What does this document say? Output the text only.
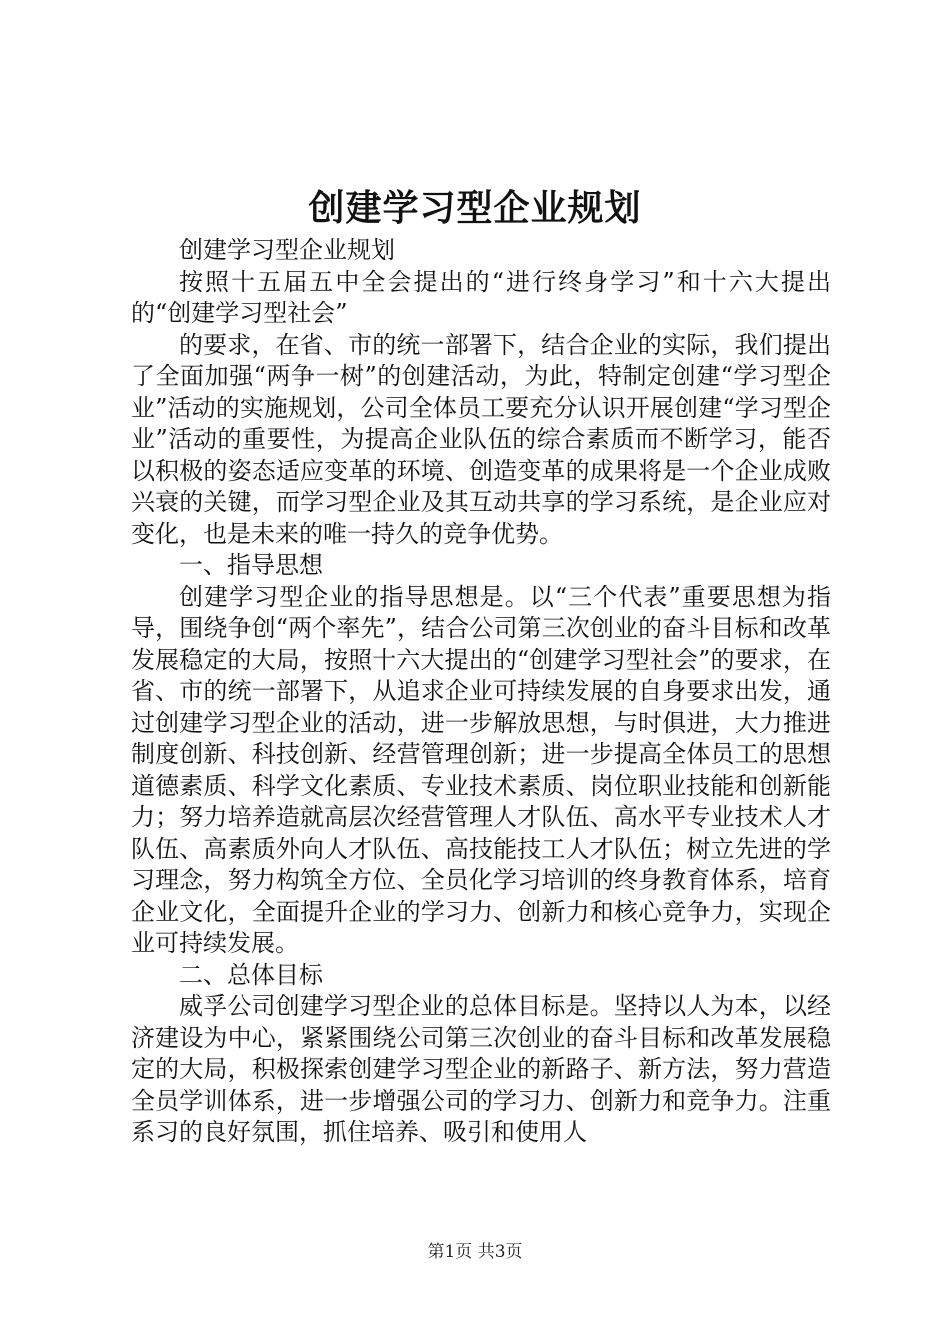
创建学习型企业规划

创建学习型企业规划

按照十五届五中全会提出的“进行终身学习”和十六大提出的“创建学习型社会”

的要求，在省、市的统一部署下，结合企业的实际，我们提出了全面加强“两争一树”的创建活动，为此，特制定创建“学习型企业”活动的实施规划，公司全体员工要充分认识开展创建“学习型企业”活动的重要性，为提高企业队伍的综合素质而不断学习，能否以积极的姿态适应变革的环境、创造变革的成果将是一个企业成败兴衰的关键，而学习型企业及其互动共享的学习系统，是企业应对变化，也是未来的唯一持久的竞争优势。

一、指导思想

创建学习型企业的指导思想是。以“三个代表”重要思想为指导，围绕争创“两个率先”，结合公司第三次创业的奋斗目标和改革发展稳定的大局，按照十六大提出的“创建学习型社会”的要求，在省、市的统一部署下，从追求企业可持续发展的自身要求出发，通过创建学习型企业的活动，进一步解放思想，与时俱进，大力推进制度创新、科技创新、经营管理创新；进一步提高全体员工的思想道德素质、科学文化素质、专业技术素质、岗位职业技能和创新能力；努力培养造就高层次经营管理人才队伍、高水平专业技术人才队伍、高素质外向人才队伍、高技能技工人才队伍；树立先进的学习理念，努力构筑全方位、全员化学习培训的终身教育体系，培育企业文化，全面提升企业的学习力、创新力和核心竞争力，实现企业可持续发展。

二、总体目标

威孚公司创建学习型企业的总体目标是。坚持以人为本，以经济建设为中心，紧紧围绕公司第三次创业的奋斗目标和改革发展稳定的大局，积极探索创建学习型企业的新路子、新方法，努力营造全员学训体系，进一步增强公司的学习力、创新力和竞争力。注重系习的良好氛围，抓住培养、吸引和使用人

第1页 共3页
